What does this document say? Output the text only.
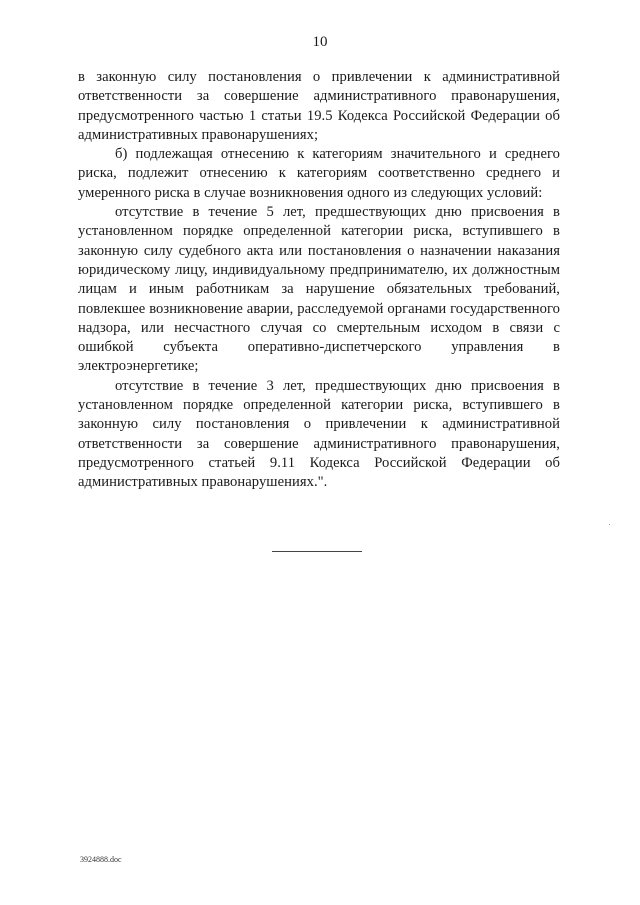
10

в законную силу постановления о привлечении к административной ответственности за совершение административного правонарушения, предусмотренного частью 1 статьи 19.5 Кодекса Российской Федерации об административных правонарушениях;

б) подлежащая отнесению к категориям значительного и среднего риска, подлежит отнесению к категориям соответственно среднего и умеренного риска в случае возникновения одного из следующих условий:

отсутствие в течение 5 лет, предшествующих дню присвоения в установленном порядке определенной категории риска, вступившего в законную силу судебного акта или постановления о назначении наказания юридическому лицу, индивидуальному предпринимателю, их должностным лицам и иным работникам за нарушение обязательных требований, повлекшее возникновение аварии, расследуемой органами государственного надзора, или несчастного случая со смертельным исходом в связи с ошибкой субъекта оперативно-диспетчерского управления в электроэнергетике;

отсутствие в течение 3 лет, предшествующих дню присвоения в установленном порядке определенной категории риска, вступившего в законную силу постановления о привлечении к административной ответственности за совершение административного правонарушения, предусмотренного статьей 9.11 Кодекса Российской Федерации об административных правонарушениях.".

3924888.doc
